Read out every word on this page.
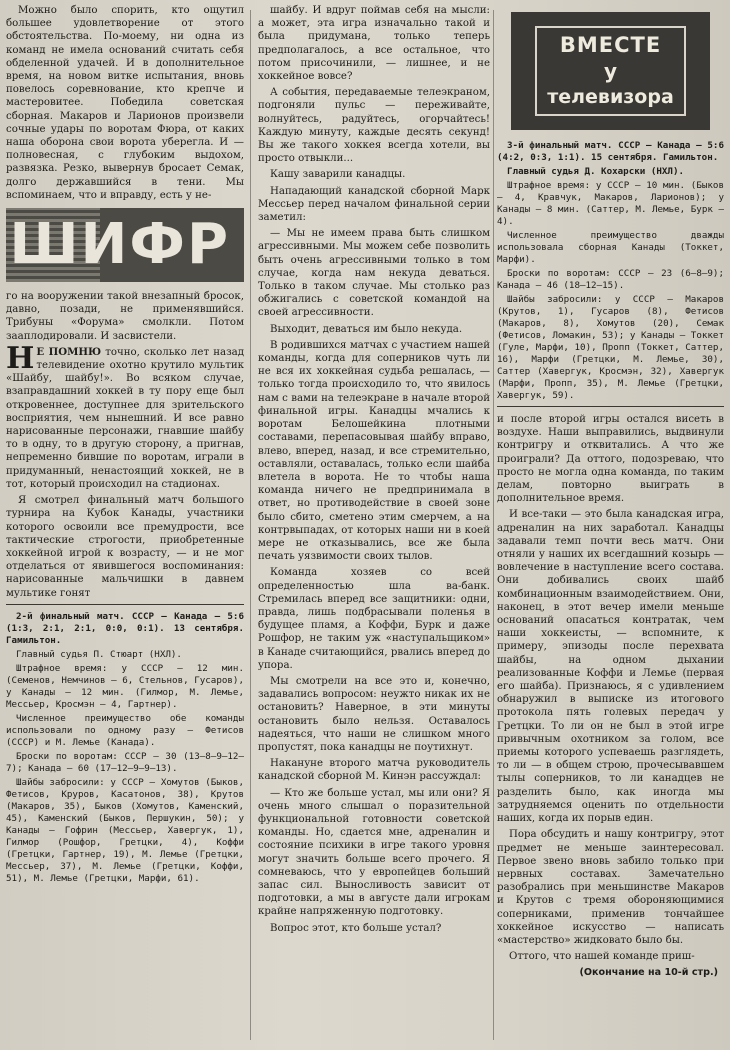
Можно было спорить, кто ощутил большее удовлетворение от этого обстоятельства. По-моему, ни одна из команд не имела оснований считать себя обделенной удачей. И в дополнительное время, на новом витке испытания, вновь повелось соревнование, кто крепче и мастеровитее. Победила советская сборная. Макаров и Ларионов произвели сочные удары по воротам Фюра, от каких наша оборона свои ворота уберегла. И — полновесная, с глубоким выдохом, развязка. Резко, вывернув бросает Семак, долго державшийся в тени. Мы вспоминаем, что и вправду, есть у не-

ШИФР

го на вооружении такой внезапный бросок, давно, позади, не применявшийся. Трибуны «Форума» смолкли. Потом зааплодировали. И засвистели.

Н Е ПОМНЮ точно, сколько лет назад телевидение охотно крутило мультик «Шайбу, шайбу!». Во всяком случае, взаправдашний хоккей в ту пору еще был откровеннее, доступнее для зрительского восприятия, чем нынешний. И все равно нарисованные персонажи, гнавшие шайбу то в одну, то в другую сторону, а пригнав, непременно бившие по воротам, играли в придуманный, ненастоящий хоккей, не в тот, который происходил на стадионах.

Я смотрел финальный матч большого турнира на Кубок Канады, участники которого освоили все премудрости, все тактические строгости, приобретенные хоккейной игрой к возрасту, — и не мог отделаться от явившегося воспоминания: нарисованные мальчишки в давнем мультике гонят

2-й финальный матч. СССР — Канада — 5:6 (1:3, 2:1, 2:1, 0:0, 0:1). 13 сентября. Гамильтон.

Главный судья П. Стюарт (НХЛ).

Штрафное время: у СССР — 12 мин. (Семенов, Немчинов — 6, Стельнов, Гуcаров), у Канады — 12 мин. (Гилмор, М. Лемье, Мессьер, Кросмэн — 4, Гартнер).

Численное преимущество обе команды использовали по одному разу — Фетисов (СССР) и М. Лемье (Канада).

Броски по воротам: СССР — 30 (13—8—9—12—7); Канада — 60 (17—12—9—9—13).

Шайбы забросили: у СССР — Хомутов (Быков, Фетисов, Круров, Касатонов, 38), Крутов (Макаров, 35), Быков (Хомутов, Каменский, 45), Каменский (Быков, Першукин, 50); у Канады — Гофрин (Мессьер, Хавергук, 1), Гилмор (Рошфор, Гретцки, 4), Коффи (Гретцки, Гартнер, 19), М. Лемье (Гретцки, Мессьер, 37), М. Лемье (Гретцки, Коффи, 51), М. Лемье (Гретцки, Марфи, 61).

шайбу. И вдруг поймав себя на мысли: а может, эта игра изначально такой и была придумана, только теперь предполагалось, а все остальное, что потом присочинили, — лишнее, и не хоккейное вовсе?

А события, передаваемые телеэкраном, подгоняли пульс — переживайте, волнуйтесь, радуйтесь, огорчайтесь! Каждую минуту, каждые десять секунд! Вы же такого хоккея всегда хотели, вы просто отвыкли...

Кашу заварили канадцы.

Нападающий канадской сборной Марк Мессьер перед началом финальной серии заметил:

— Мы не имеем права быть слишком агрессивными. Мы можем себе позволить быть очень агрессивными только в том случае, когда нам некуда деваться. Только в таком случае. Мы столько раз обжигались с советской командой на своей агрессивности.

Выходит, деваться им было некуда.

В родившихся матчах с участием нашей команды, когда для соперников чуть ли не вся их хоккейная судьба решалась, — только тогда происходило то, что явилось нам с вами на телеэкране в начале второй финальной игры. Канадцы мчались к воротам Белошейкина плотными составами, перепасовывая шайбу вправо, влево, вперед, назад, и все стремительно, оставляли, оставалась, только если шайба влетела в ворота. Не то чтобы наша команда ничего не предпринимала в ответ, но противодействие в своей зоне было сбито, сметено этим смерчем, а на контрвыпадах, от которых наши ни в коей мере не отказывались, все же была печать уязвимости своих тылов.

Команда хозяев со всей определенностью шла ва-банк. Стремилась вперед все защитники: одни, правда, лишь подбрасывали поленья в будущее пламя, а Коффи, Бурк и даже Рошфор, не таким уж «наступальщиком» в Канаде считающийся, рвались вперед до упора.

Мы смотрели на все это и, конечно, задавались вопросом: неужто никак их не остановить? Наверное, в эти минуты остановить было нельзя. Оставалось надеяться, что наши не слишком много пропустят, пока канадцы не поутихнут.

Накануне второго матча руководитель канадской сборной М. Кинэн рассуждал:

— Кто же больше устал, мы или они? Я очень много слышал о поразительной функциональной готовности советской команды. Но, сдается мне, адреналин и состояние психики в игре такого уровня могут значить больше всего прочего. Я сомневаюсь, что у европейцев больший запас сил. Выносливость зависит от подготовки, а мы в августе дали игрокам крайне напряженную подготовку.

Вопрос этот, кто больше устал?

ВМЕСТЕ
у
телевизора

3-й финальный матч. СССР — Канада — 5:6 (4:2, 0:3, 1:1). 15 сентября. Гамильтон.

Главный судья Д. Кохарски (НХЛ).

Штрафное время: у СССР — 10 мин. (Быков — 4, Кравчук, Макаров, Ларионов); у Канады — 8 мин. (Саттер, М. Лемье, Бурк — 4).

Численное преимущество дважды использовала сборная Канады (Токкет, Марфи).

Броски по воротам: СССР — 23 (6—8—9); Канада — 46 (18—12—15).

Шайбы забросили: у СССР — Макаров (Крутов, 1), Гусаров (8), Фетисов (Макаров, 8), Хомутов (20), Семак (Фетисов, Ломакин, 53); у Канады — Токкет (Гуле, Марфи, 10), Пропп (Токкет, Саттер, 16), Марфи (Гретцки, М. Лемье, 30), Саттер (Хавергук, Кросмэн, 32), Хавергук (Марфи, Пропп, 35), М. Лемье (Гретцки, Хавергук, 59).

и после второй игры остался висеть в воздухе. Наши выправились, выдвинули контригру и отквитались. А что же проиграли? Да оттого, подозреваю, что просто не могла одна команда, по таким делам, повторно выиграть в дополнительное время.

И все-таки — это была канадская игра, адреналин на них заработал. Канадцы задавали темп почти весь матч. Они отняли у наших их всегдашний козырь — вовлечение в наступление всего состава. Они добивались своих шайб комбинационным взаимодействием. Они, наконец, в этот вечер имели меньше оснований опасаться контратак, чем наши хоккеисты, — вспомните, к примеру, эпизоды после перехвата шайбы, на одном дыхании реализованные Коффи и Лемье (первая его шайба). Признаюсь, я с удивлением обнаружил в выписке из итогового протокола пять голевых передач у Гретцки. То ли он не был в этой игре привычным охотником за голом, все приемы которого успеваешь разглядеть, то ли — в общем строю, прочесывавшем тылы соперников, то ли канадцев не разделить было, как иногда мы затрудняемся оценить по отдельности наших, когда их порыв един.

Пора обсудить и нашу контригру, этот предмет не меньше заинтересовал. Первое звено вновь забило только при нервных составах. Замечательно разобрались при меньшинстве Макаров и Крутов с тремя обороняющимися соперниками, применив тончайшее хоккейное искусство — написать «мастерство» жидковато было бы.

Оттого, что нашей команде приш-

(Окончание на 10-й стр.)
